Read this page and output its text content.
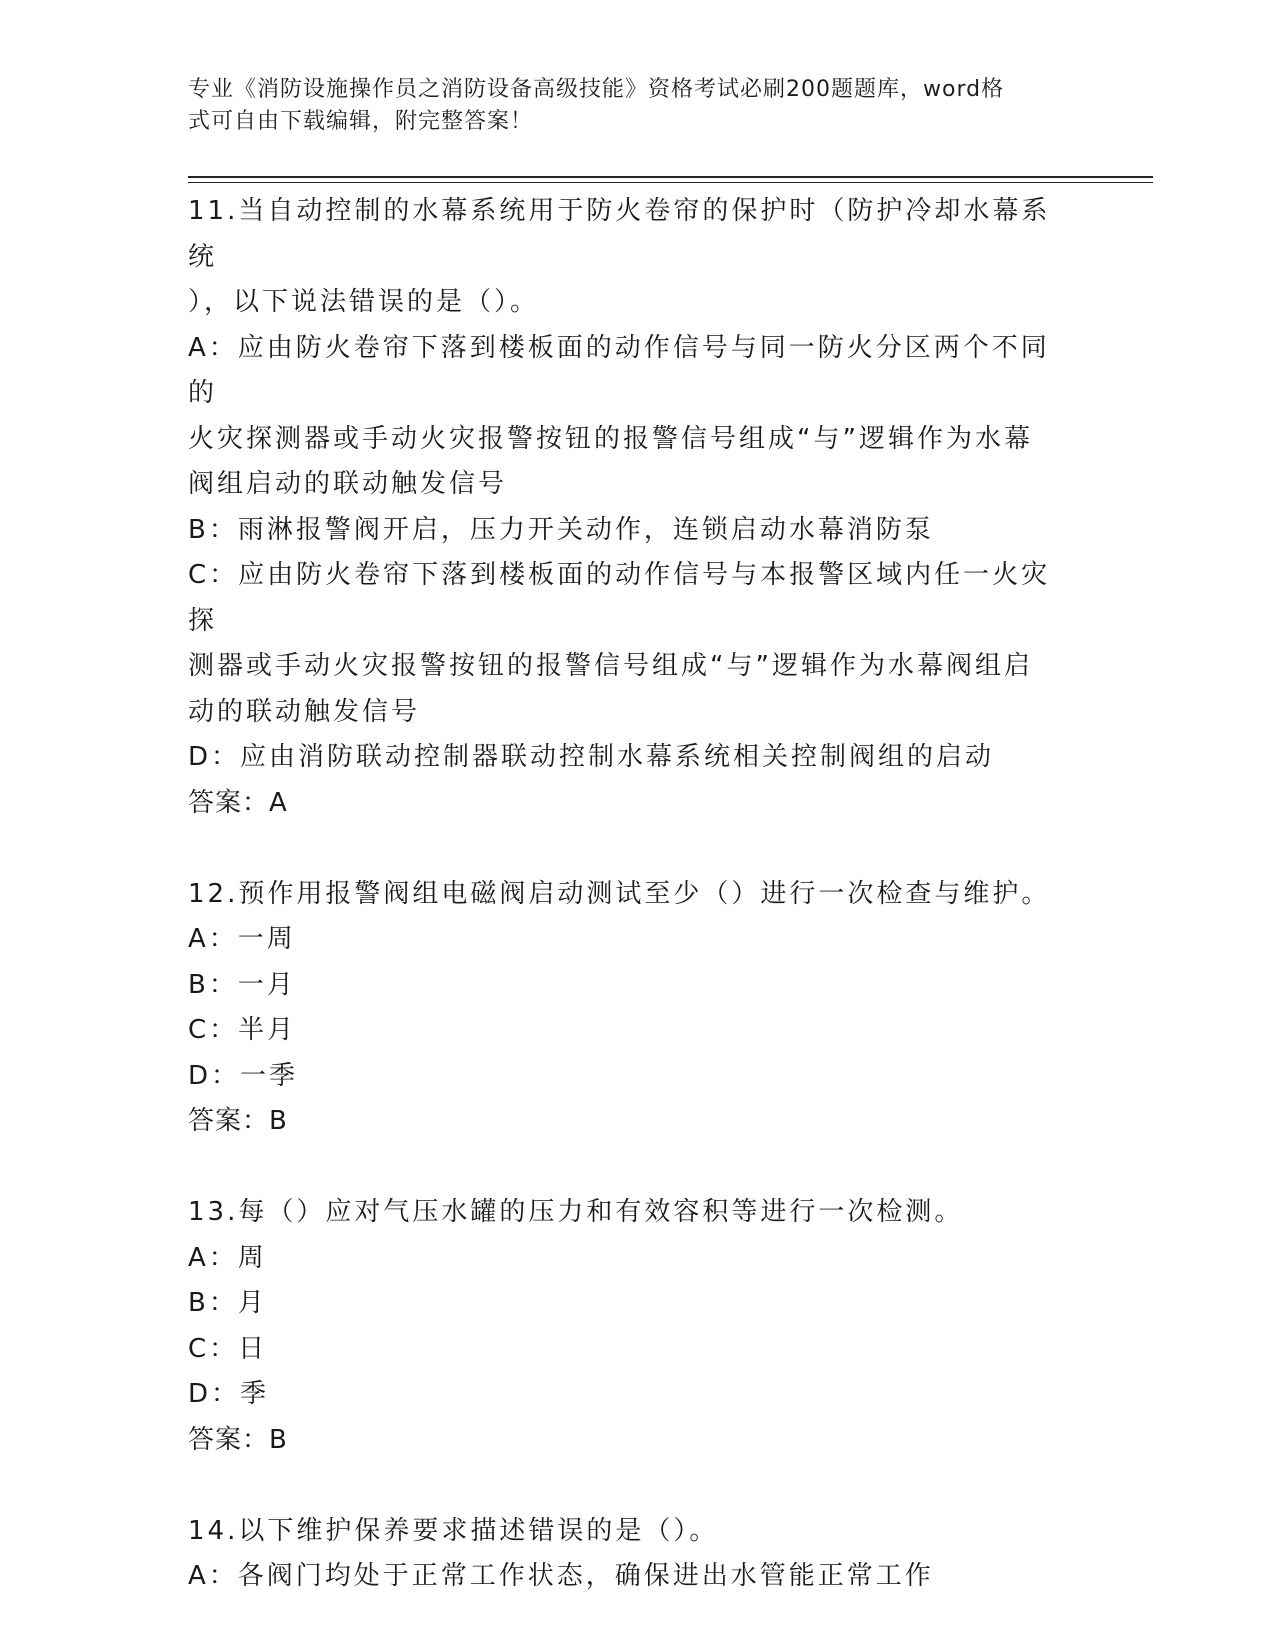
专业《消防设施操作员之消防设备高级技能》资格考试必刷200题题库，word格
式可自由下载编辑，附完整答案！
11.当自动控制的水幕系统用于防火卷帘的保护时（防护冷却水幕系统
），以下说法错误的是（）。
A：应由防火卷帘下落到楼板面的动作信号与同一防火分区两个不同的
火灾探测器或手动火灾报警按钮的报警信号组成“与”逻辑作为水幕
阀组启动的联动触发信号
B：雨淋报警阀开启，压力开关动作，连锁启动水幕消防泵
C：应由防火卷帘下落到楼板面的动作信号与本报警区域内任一火灾探
测器或手动火灾报警按钮的报警信号组成“与”逻辑作为水幕阀组启
动的联动触发信号
D：应由消防联动控制器联动控制水幕系统相关控制阀组的启动
答案：A
12.预作用报警阀组电磁阀启动测试至少（）进行一次检查与维护。
A：一周
B：一月
C：半月
D：一季
答案：B
13.每（）应对气压水罐的压力和有效容积等进行一次检测。
A：周
B：月
C：日
D：季
答案：B
14.以下维护保养要求描述错误的是（）。
A：各阀门均处于正常工作状态，确保进出水管能正常工作
